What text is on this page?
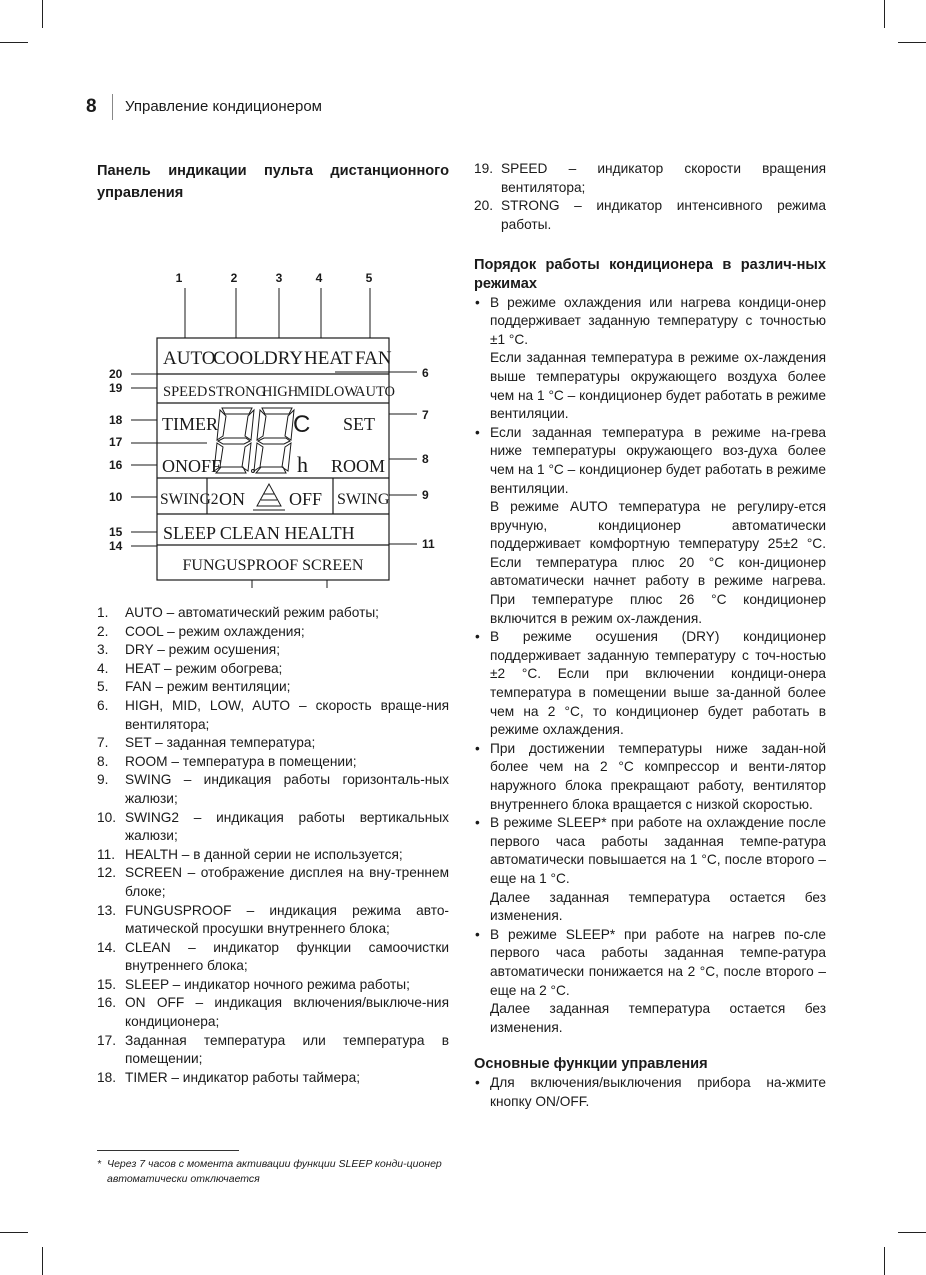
8 Управление кондиционером

Панель индикации пульта дистанционного управления

1	2	3	4	5
6
7
8
9
10
11
14
15
16
17
18
19
20
AUTO
COOL DRY HEAT FAN
SPEED STRONG
HIGH
MID LOW
AUTO
TIMER
ONOFF
SET
ROOM
h
C
SWING2 ON OFF SWING
SLEEP CLEAN HEALTH
FUNGUSPROOF SCREEN
1. AUTO – автоматический режим работы;
2. COOL – режим охлаждения;
3. DRY – режим осушения;
4. HEAT – режим обогрева;
5. FAN – режим вентиляции;
6. HIGH, MID, LOW, AUTO – скорость враще-ния вентилятора;
7. SET – заданная температура;
8. ROOM – температура в помещении;
9. SWING – индикация работы горизонталь-ных жалюзи;
10. SWING2 – индикация работы вертикальных жалюзи;
11. HEALTH – в данной серии не используется;
12. SCREEN – отображение дисплея на вну-треннем блоке;
13. FUNGUSPROOF – индикация режима авто-матической просушки внутреннего блока;
14. CLEAN – индикатор функции самоочистки внутреннего блока;
15. SLEEP – индикатор ночного режима работы;
16. ON OFF – индикация включения/выключе-ния кондиционера;
17. Заданная температура или температура в помещении;
18. TIMER – индикатор работы таймера;
19. SPEED – индикатор скорости вращения вентилятора;
20. STRONG – индикатор интенсивного режима работы.

Порядок работы кондиционера в различ-ных режимах

• В режиме охлаждения или нагрева кондици-онер поддерживает заданную температуру с точностью ±1 °С.

Если заданная температура в режиме ох-лаждения выше температуры окружающего воздуха более чем на 1 °С – кондиционер будет работать в режиме вентиляции.

• Если заданная температура в режиме на-грева ниже температуры окружающего воз-духа более чем на 1 °С – кондиционер будет работать в режиме вентиляции.

В режиме AUTO температура не регулиру-ется вручную, кондиционер автоматически поддерживает комфортную температуру 25±2 °С. Если температура плюс 20 °С кон-диционер автоматически начнет работу в режиме нагрева. При температуре плюс 26 °С кондиционер включится в режим ох-лаждения.

• В режиме осушения (DRY) кондиционер поддерживает заданную температуру с точ-ностью ±2 °С. Если при включении кондици-онера температура в помещении выше за-данной более чем на 2 °С, то кондиционер будет работать в режиме охлаждения.

• При достижении температуры ниже задан-ной более чем на 2 °С компрессор и венти-лятор наружного блока прекращают работу, вентилятор внутреннего блока вращается с низкой скоростью.

• В режиме SLEEP* при работе на охлаждение после первого часа работы заданная темпе-ратура автоматически повышается на 1 °С, после второго – еще на 1 °С.

Далее заданная температура остается без изменения.

• В режиме SLEEP* при работе на нагрев по-сле первого часа работы заданная темпе-ратура автоматически понижается на 2 °С, после второго – еще на 2 °С.

Далее заданная температура остается без изменения.

Основные функции управления

• Для включения/выключения прибора на-жмите кнопку ON/OFF.

* Через 7 часов с момента активации функции SLEEP конди-ционер автоматически отключается
